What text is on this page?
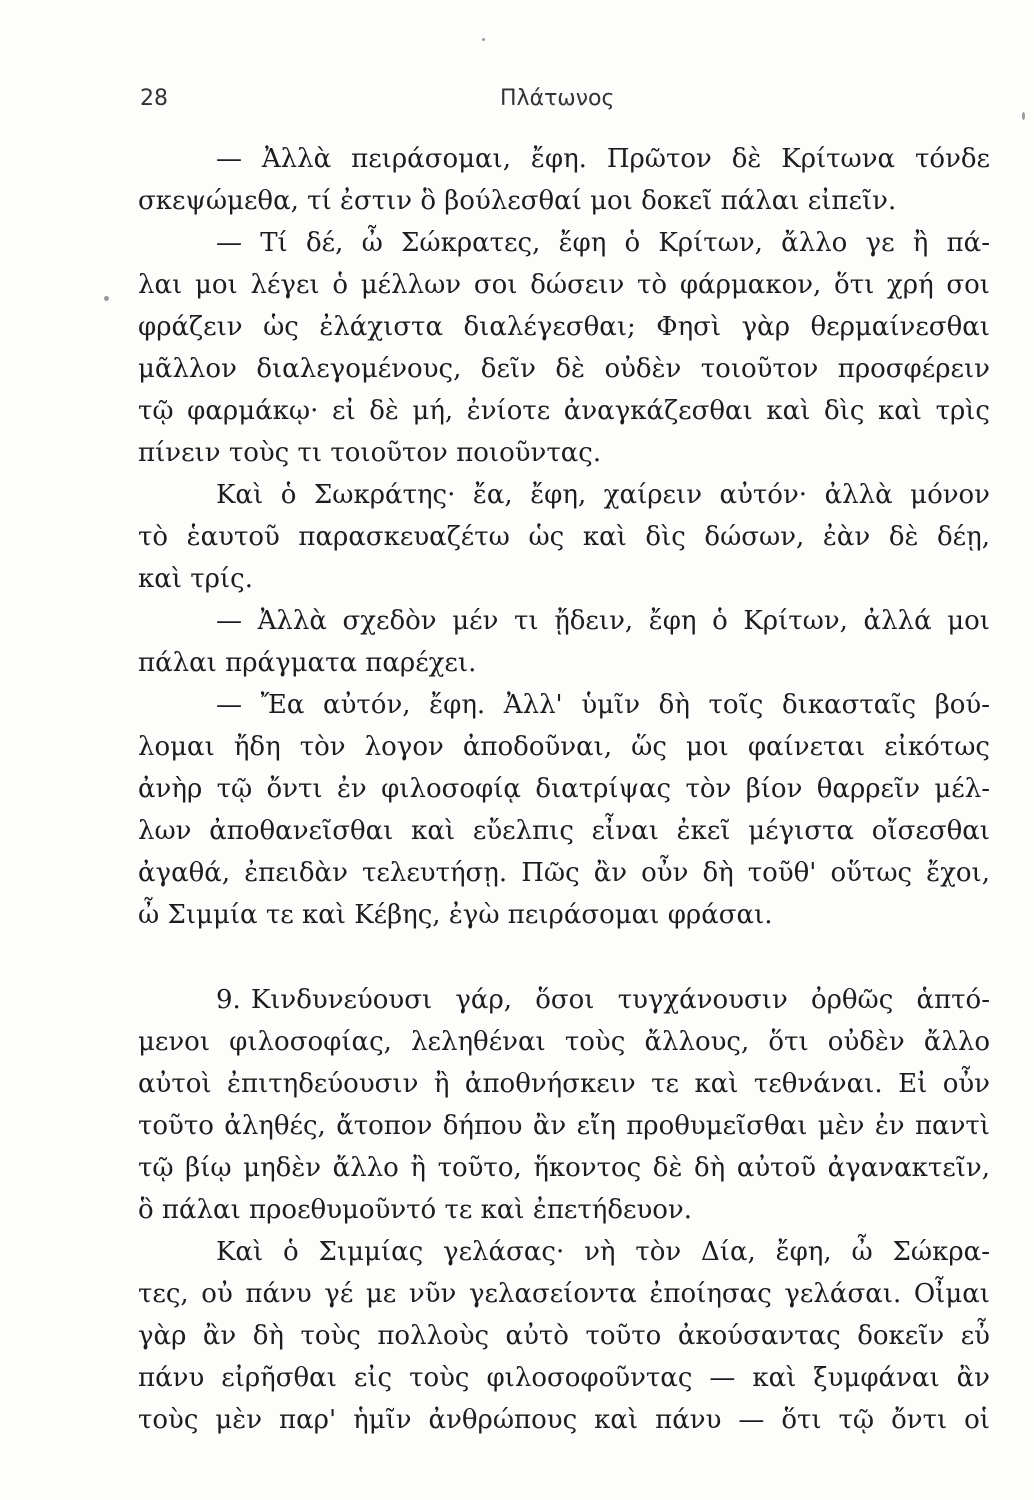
28	Πλάτωνος
— Ἀλλὰ πειράσομαι, ἔφη. Πρῶτον δὲ Κρίτωνα τόνδε
σκεψώμεθα, τί ἐστιν ὃ βούλεσθαί μοι δοκεῖ πάλαι εἰπεῖν.
— Τί δέ, ὦ Σώκρατες, ἔφη ὁ Κρίτων, ἄλλο γε ἢ πά-
λαι μοι λέγει ὁ μέλλων σοι δώσειν τὸ φάρμακον, ὅτι χρή σοι
φράζειν ὡς ἐλάχιστα διαλέγεσθαι; Φησὶ γὰρ θερμαίνεσθαι
μᾶλλον διαλεγομένους, δεῖν δὲ οὐδὲν τοιοῦτον προσφέρειν
τῷ φαρμάκῳ· εἰ δὲ μή, ἐνίοτε ἀναγκάζεσθαι καὶ δὶς καὶ τρὶς
πίνειν τοὺς τι τοιοῦτον ποιοῦντας.
Καὶ ὁ Σωκράτης· ἔα, ἔφη, χαίρειν αὐτόν· ἀλλὰ μόνον
τὸ ἑαυτοῦ παρασκευαζέτω ὡς καὶ δὶς δώσων, ἐὰν δὲ δέῃ,
καὶ τρίς.
— Ἀλλὰ σχεδὸν μέν τι ᾔδειν, ἔφη ὁ Κρίτων, ἀλλά μοι
πάλαι πράγματα παρέχει.
— Ἔα αὐτόν, ἔφη. Ἀλλ' ὑμῖν δὴ τοῖς δικασταῖς βού-
λομαι ἤδη τὸν λογον ἀποδοῦναι, ὥς μοι φαίνεται εἰκότως
ἀνὴρ τῷ ὄντι ἐν φιλοσοφίᾳ διατρίψας τὸν βίον θαρρεῖν μέλ-
λων ἀποθανεῖσθαι καὶ εὔελπις εἶναι ἐκεῖ μέγιστα οἴσεσθαι
ἀγαθά, ἐπειδὰν τελευτήσῃ. Πῶς ἂν οὖν δὴ τοῦθ' οὕτως ἔχοι,
ὦ Σιμμία τε καὶ Κέβης, ἐγὼ πειράσομαι φράσαι.
9. Κινδυνεύουσι γάρ, ὅσοι τυγχάνουσιν ὀρθῶς ἁπτό-
μενοι φιλοσοφίας, λεληθέναι τοὺς ἄλλους, ὅτι οὐδὲν ἄλλο
αὐτοὶ ἐπιτηδεύουσιν ἢ ἀποθνήσκειν τε καὶ τεθνάναι. Εἰ οὖν
τοῦτο ἀληθές, ἄτοπον δήπου ἂν εἴη προθυμεῖσθαι μὲν ἐν παντὶ
τῷ βίῳ μηδὲν ἄλλο ἢ τοῦτο, ἥκοντος δὲ δὴ αὐτοῦ ἀγανακτεῖν,
ὃ πάλαι προεθυμοῦντό τε καὶ ἐπετήδευον.
Καὶ ὁ Σιμμίας γελάσας· νὴ τὸν Δία, ἔφη, ὦ Σώκρα-
τες, οὐ πάνυ γέ με νῦν γελασείοντα ἐποίησας γελάσαι. Οἶμαι
γὰρ ἂν δὴ τοὺς πολλοὺς αὐτὸ τοῦτο ἀκούσαντας δοκεῖν εὖ
πάνυ εἰρῆσθαι εἰς τοὺς φιλοσοφοῦντας — καὶ ξυμφάναι ἂν
τοὺς μὲν παρ' ἡμῖν ἀνθρώπους καὶ πάνυ — ὅτι τῷ ὄντι οἱ
